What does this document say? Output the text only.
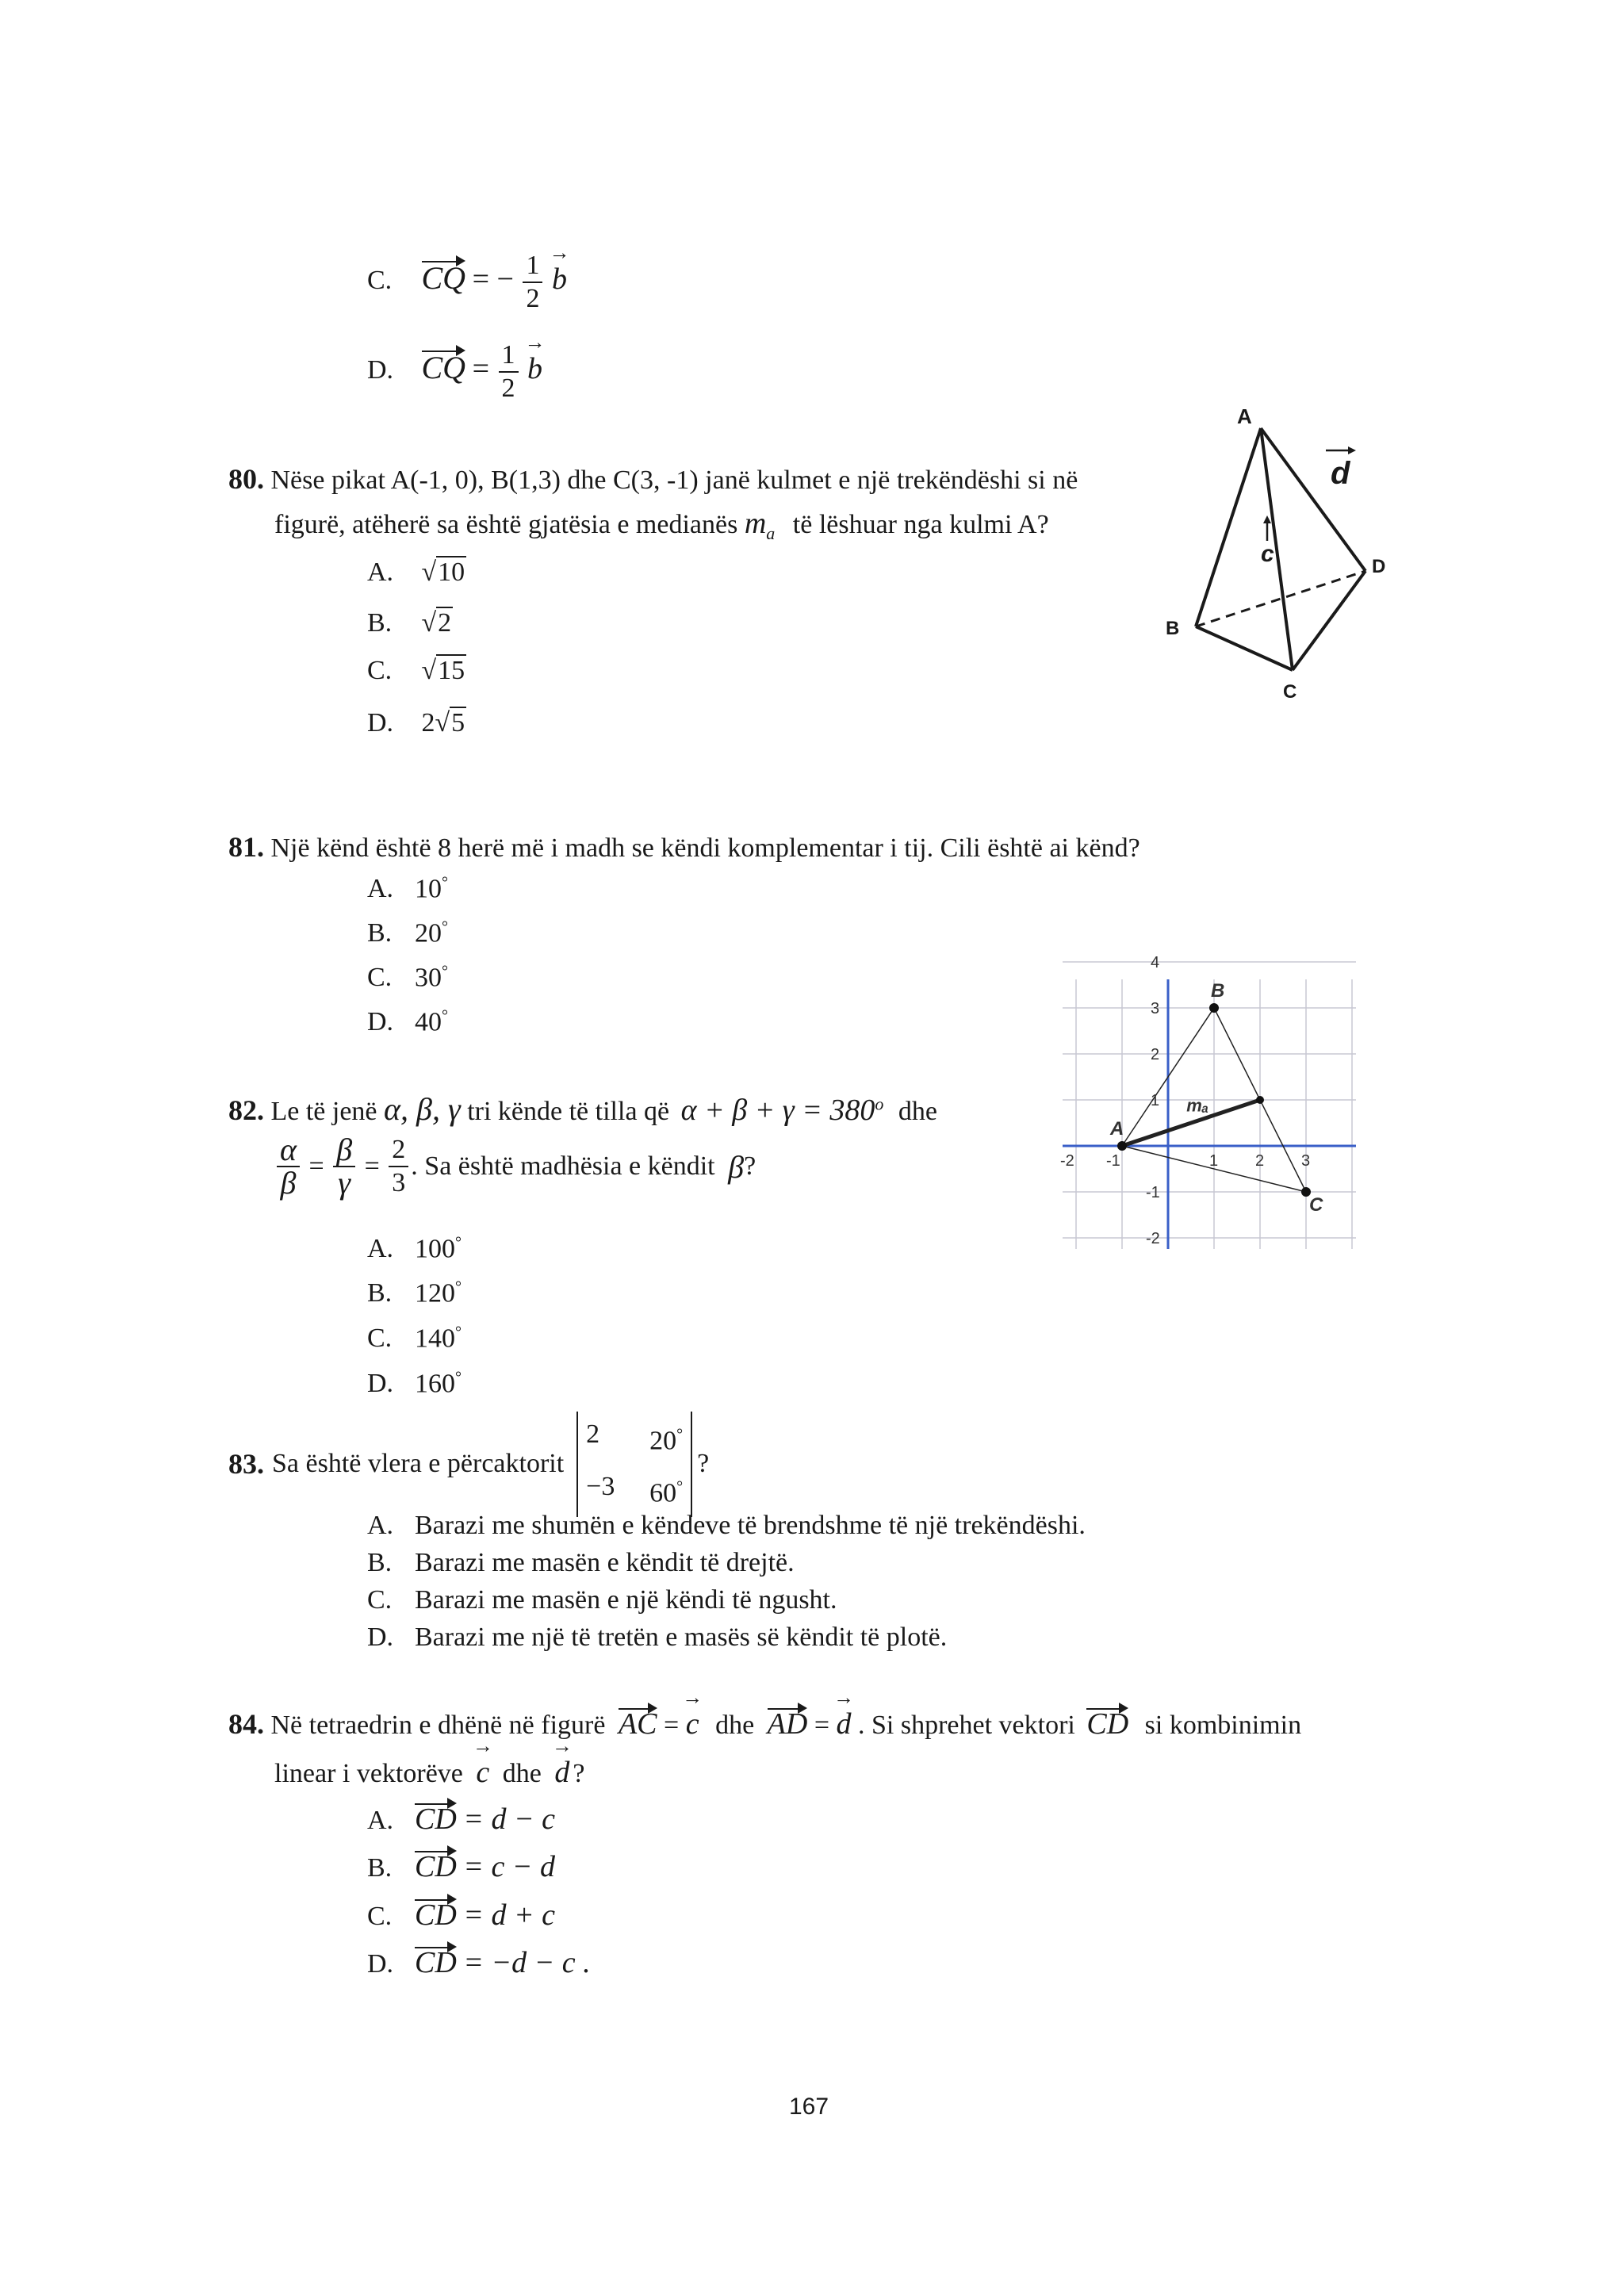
C. CQ = − $\frac{1}{2}$ b →
D. CQ = $\frac{1}{2}$ b →
80. Nëse pikat A(-1, 0), B(1,3) dhe C(3, -1) janë kulmet e një trekëndëshi si në
figurë, atëherë sa është gjatësia e medianës $m_a$ të lëshuar nga kulmi A?
A. √10
B. √2
C. √15
D. 2√5
A
B
C
D
c
d
81. Një kënd është 8 herë më i madh se këndi komplementar i tij. Cili është ai kënd?
A. 10°
B. 20°
C. 30°
D. 40°
-2 -1	1 2 3
4
3
2
1
-1
-2
A
B
C
mₐ
82. Le të jenë α, β, γ tri kënde të tilla që $\alpha + \beta + \gamma = 380^o$ dhe
$\frac{\alpha}{\beta} = \frac{\beta}{\gamma} = \frac{2}{3}$ . Sa është madhësia e këndit β?
A. 100°
B. 120°
C. 140°
D. 160°
83. Sa është vlera e përcaktorit
2	20°
−3 60°
?
A. Barazi me shumën e këndeve të brendshme të një trekëndëshi.
B. Barazi me masën e këndit të drejtë.
C. Barazi me masën e një këndi të ngusht.
D. Barazi me një të tretën e masës së këndit të plotë.
84. Në tetraedrin e dhënë në figurë AC = c → dhe AD = d → . Si shprehet vektori CD si kombinimin
linear i vektorëve c → dhe d → ?
A. CD = d − c
B. CD = c − d
C. CD = d + c
D. CD = −d − c .
167
